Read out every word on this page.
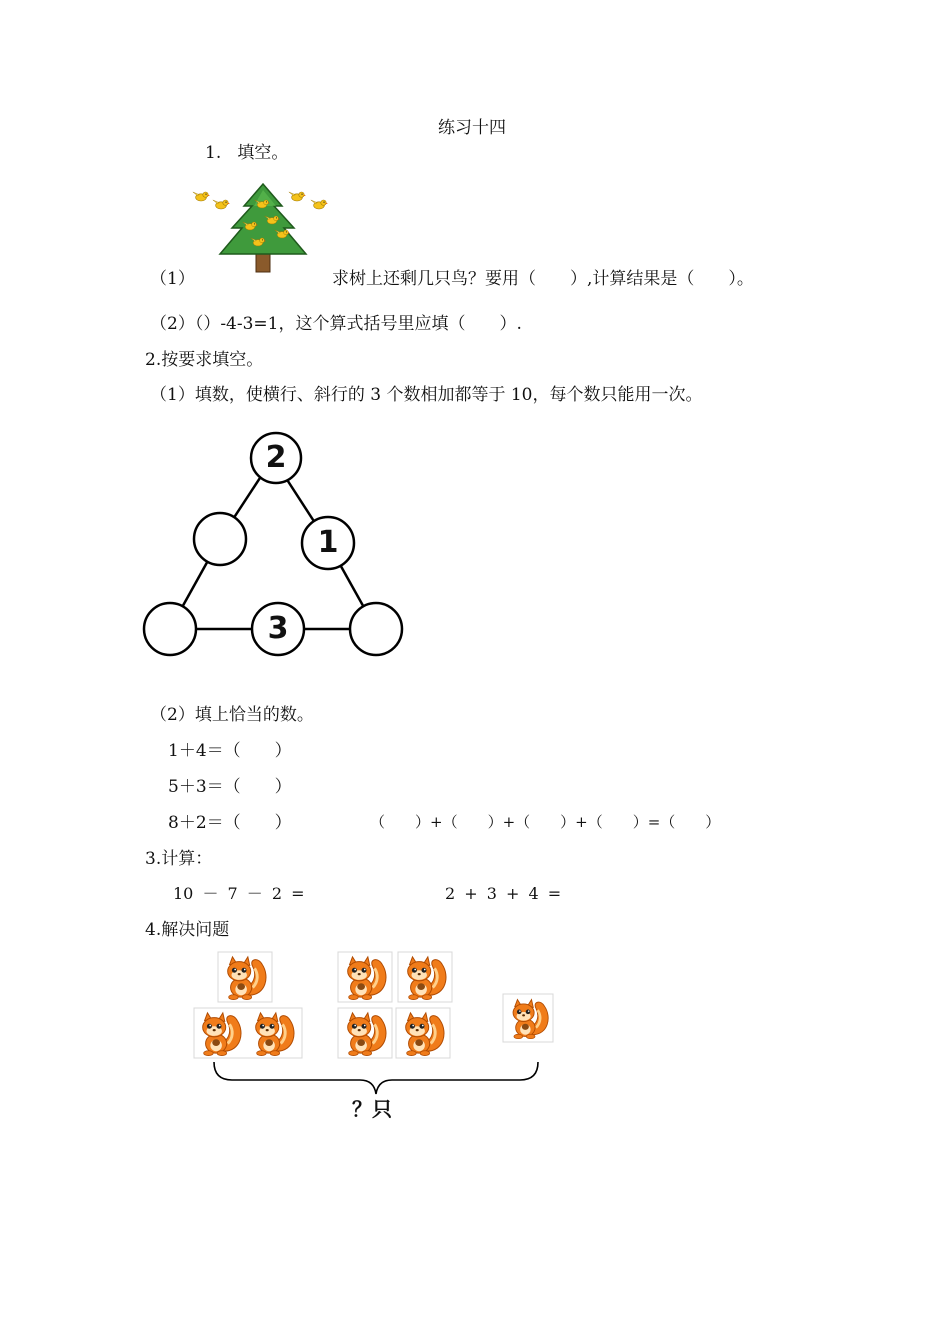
练习十四
1.   填空。
（1）	求树上还剩几只鸟？要用（　　）,计算结果是（　　）。
（2）（）-4-3=1，这个算式括号里应填（　　）.
2.按要求填空。
（1）填数，使横行、斜行的 3 个数相加都等于 10，每个数只能用一次。
2
1
3
（2）填上恰当的数。
1＋4＝（　　）
5＋3＝（　　）
8＋2＝（　　）	（　　）+（　　）+（　　）+（　　）=（　　）
3.计算：
10 － 7 － 2 =	2 + 3 + 4 =
4.解决问题
？只
